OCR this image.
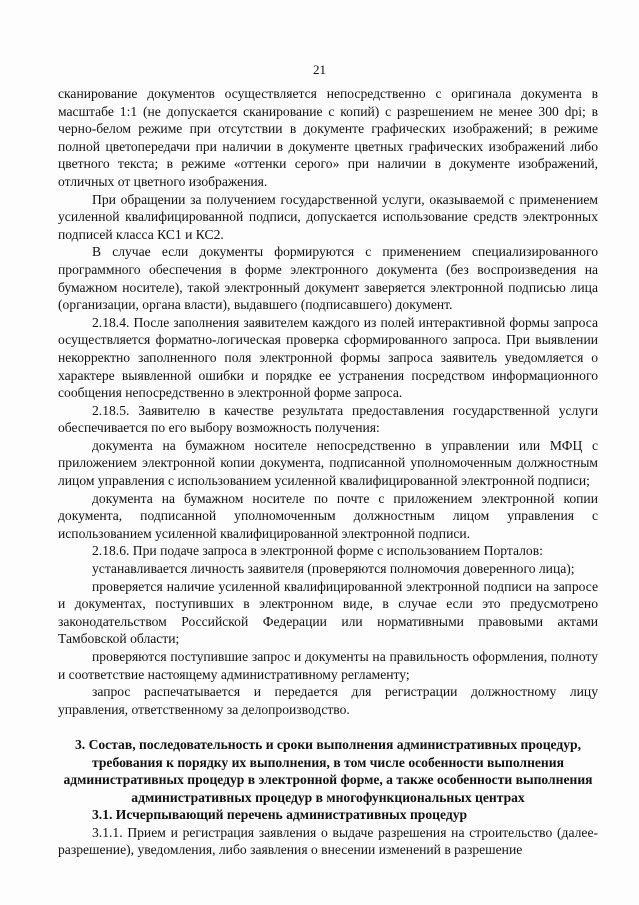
21

сканирование документов осуществляется непосредственно с оригинала документа в масштабе 1:1 (не допускается сканирование с копий) с разрешением не менее 300 dpi; в черно-белом режиме при отсутствии в документе графических изображений; в режиме полной цветопередачи при наличии в документе цветных графических изображений либо цветного текста; в режиме «оттенки серого» при наличии в документе изображений, отличных от цветного изображения.

При обращении за получением государственной услуги, оказываемой с применением усиленной квалифицированной подписи, допускается использование средств электронных подписей класса КС1 и КС2.

В случае если документы формируются с применением специализированного программного обеспечения в форме электронного документа (без воспроизведения на бумажном носителе), такой электронный документ заверяется электронной подписью лица (организации, органа власти), выдавшего (подписавшего) документ.

2.18.4. После заполнения заявителем каждого из полей интерактивной формы запроса осуществляется форматно-логическая проверка сформированного запроса. При выявлении некорректно заполненного поля электронной формы запроса заявитель уведомляется о характере выявленной ошибки и порядке ее устранения посредством информационного сообщения непосредственно в электронной форме запроса.

2.18.5. Заявителю в качестве результата предоставления государственной услуги обеспечивается по его выбору возможность получения:

документа на бумажном носителе непосредственно в управлении или МФЦ с приложением электронной копии документа, подписанной уполномоченным должностным лицом управления с использованием усиленной квалифицированной электронной подписи;

документа на бумажном носителе по почте с приложением электронной копии документа, подписанной уполномоченным должностным лицом управления с использованием усиленной квалифицированной электронной подписи.

2.18.6. При подаче запроса в электронной форме с использованием Порталов:

устанавливается личность заявителя (проверяются полномочия доверенного лица);

проверяется наличие усиленной квалифицированной электронной подписи на запросе и документах, поступивших в электронном виде, в случае если это предусмотрено законодательством Российской Федерации или нормативными правовыми актами Тамбовской области;

проверяются поступившие запрос и документы на правильность оформления, полноту и соответствие настоящему административному регламенту;

запрос распечатывается и передается для регистрации должностному лицу управления, ответственному за делопроизводство.

3. Состав, последовательность и сроки выполнения административных процедур, требования к порядку их выполнения, в том числе особенности выполнения административных процедур в электронной форме, а также особенности выполнения административных процедур в многофункциональных центрах

3.1. Исчерпывающий перечень административных процедур

3.1.1. Прием и регистрация заявления о выдаче разрешения на строительство (далее-разрешение), уведомления, либо заявления о внесении изменений в разрешение
